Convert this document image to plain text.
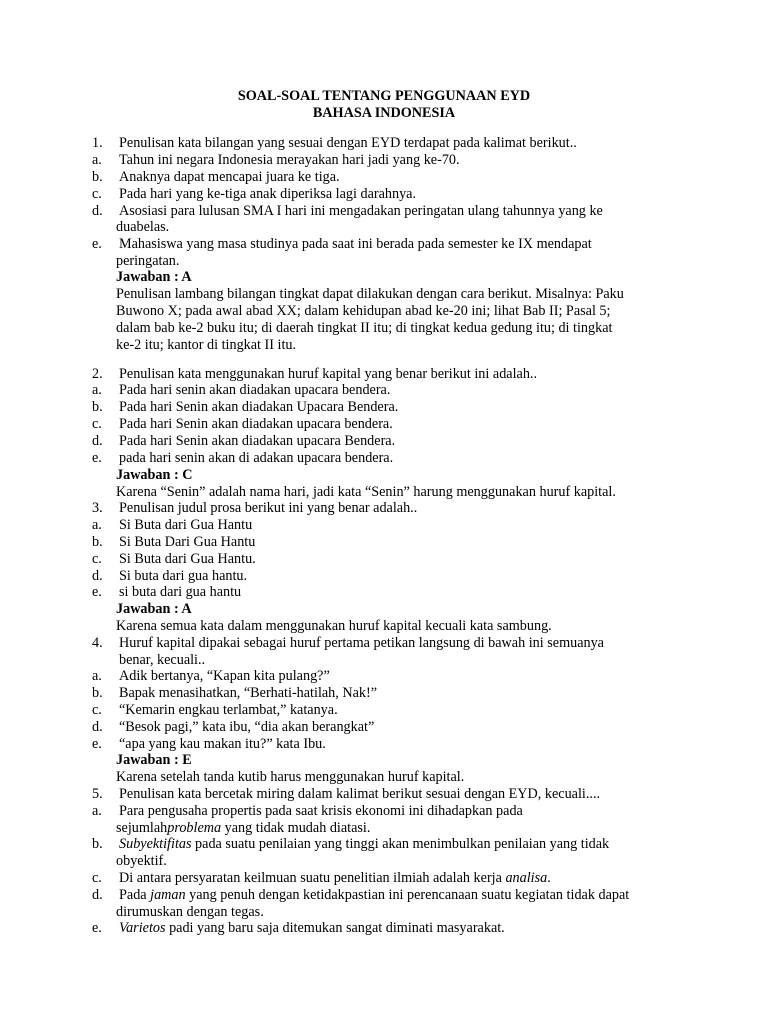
SOAL-SOAL TENTANG PENGGUNAAN EYD
BAHASA INDONESIA
1. Penulisan kata bilangan yang sesuai dengan EYD terdapat pada kalimat berikut..
a. Tahun ini negara Indonesia merayakan hari jadi yang ke-70.
b. Anaknya dapat mencapai juara ke tiga.
c. Pada hari yang ke-tiga anak diperiksa lagi darahnya.
d. Asosiasi para lulusan SMA I hari ini mengadakan peringatan ulang tahunnya yang ke
duabelas.
e. Mahasiswa yang masa studinya pada saat ini berada pada semester ke IX mendapat
peringatan.
Jawaban : A
Penulisan lambang bilangan tingkat dapat dilakukan dengan cara berikut. Misalnya: Paku
Buwono X; pada awal abad XX; dalam kehidupan abad ke-20 ini; lihat Bab II; Pasal 5;
dalam bab ke-2 buku itu; di daerah tingkat II itu; di tingkat kedua gedung itu; di tingkat
ke-2 itu; kantor di tingkat II itu.
2. Penulisan kata menggunakan huruf kapital yang benar berikut ini adalah..
a. Pada hari senin akan diadakan upacara bendera.
b. Pada hari Senin akan diadakan Upacara Bendera.
c. Pada hari Senin akan diadakan upacara bendera.
d. Pada hari Senin akan diadakan upacara Bendera.
e. pada hari senin akan di adakan upacara bendera.
Jawaban : C
Karena “Senin” adalah nama hari, jadi kata “Senin” harung menggunakan huruf kapital.
3. Penulisan judul prosa berikut ini yang benar adalah..
a. Si Buta dari Gua Hantu
b. Si Buta Dari Gua Hantu
c. Si Buta dari Gua Hantu.
d. Si buta dari gua hantu.
e. si buta dari gua hantu
Jawaban : A
Karena semua kata dalam menggunakan huruf kapital kecuali kata sambung.
4. Huruf kapital dipakai sebagai huruf pertama petikan langsung di bawah ini semuanya
benar, kecuali..
a. Adik bertanya, “Kapan kita pulang?”
b. Bapak menasihatkan, “Berhati-hatilah, Nak!”
c. “Kemarin engkau terlambat,” katanya.
d. “Besok pagi,” kata ibu, “dia akan berangkat”
e. “apa yang kau makan itu?” kata Ibu.
Jawaban : E
Karena setelah tanda kutib harus menggunakan huruf kapital.
5. Penulisan kata bercetak miring dalam kalimat berikut sesuai dengan EYD, kecuali....
a. Para pengusaha propertis pada saat krisis ekonomi ini dihadapkan pada
sejumlahproblema yang tidak mudah diatasi.
b. Subyektifitas pada suatu penilaian yang tinggi akan menimbulkan penilaian yang tidak
obyektif.
c. Di antara persyaratan keilmuan suatu penelitian ilmiah adalah kerja analisa.
d. Pada jaman yang penuh dengan ketidakpastian ini perencanaan suatu kegiatan tidak dapat
dirumuskan dengan tegas.
e. Varietos padi yang baru saja ditemukan sangat diminati masyarakat.
